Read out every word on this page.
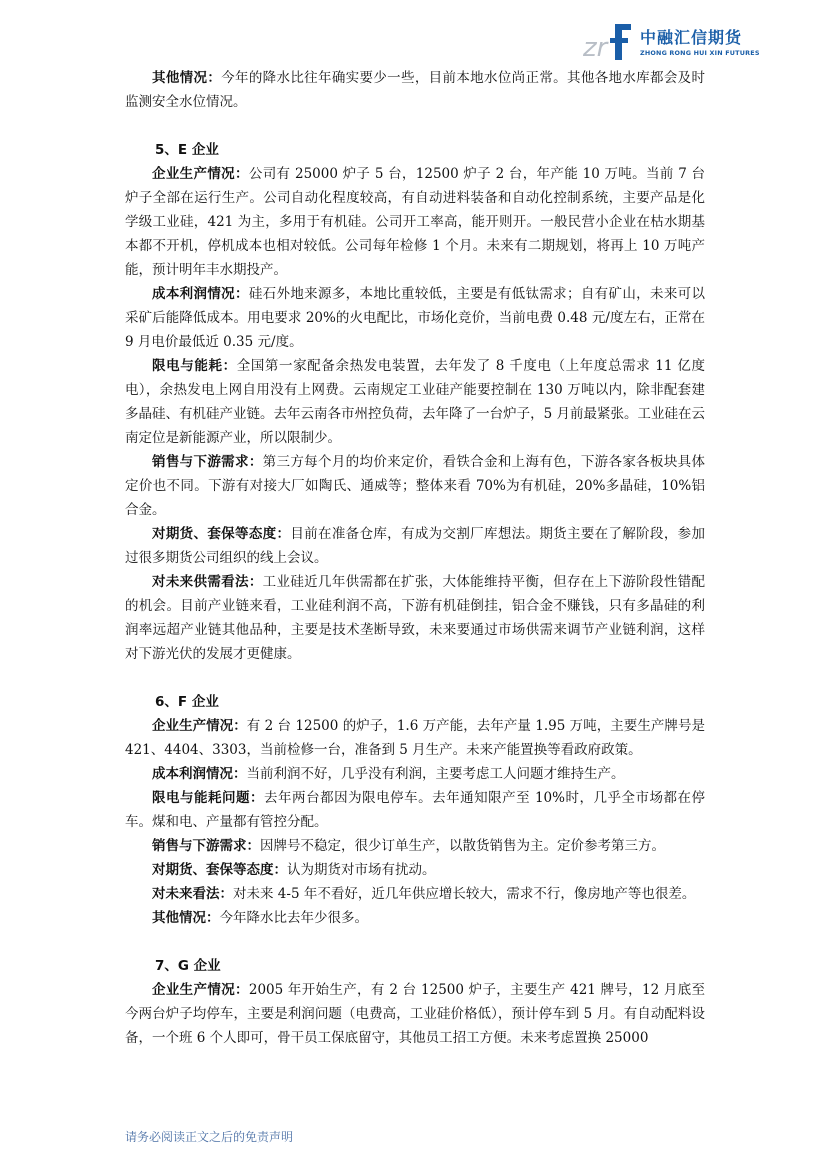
zr 中融汇信期货
ZHONG RONG HUI XIN FUTURES

其他情况：今年的降水比往年确实要少一些，目前本地水位尚正常。其他各地水库都会及时监测安全水位情况。

5、E 企业

企业生产情况：公司有 25000 炉子 5 台，12500 炉子 2 台，年产能 10 万吨。当前 7 台炉子全部在运行生产。公司自动化程度较高，有自动进料装备和自动化控制系统，主要产品是化学级工业硅，421 为主，多用于有机硅。公司开工率高，能开则开。一般民营小企业在枯水期基本都不开机，停机成本也相对较低。公司每年检修 1 个月。未来有二期规划，将再上 10 万吨产能，预计明年丰水期投产。

成本利润情况：硅石外地来源多，本地比重较低，主要是有低钛需求；自有矿山，未来可以采矿后能降低成本。用电要求 20%的火电配比，市场化竞价，当前电费 0.48 元/度左右，正常在 9 月电价最低近 0.35 元/度。

限电与能耗：全国第一家配备余热发电装置，去年发了 8 千度电（上年度总需求 11 亿度电），余热发电上网自用没有上网费。云南规定工业硅产能要控制在 130 万吨以内，除非配套建多晶硅、有机硅产业链。去年云南各市州控负荷，去年降了一台炉子，5 月前最紧张。工业硅在云南定位是新能源产业，所以限制少。

销售与下游需求：第三方每个月的均价来定价，看铁合金和上海有色，下游各家各板块具体定价也不同。下游有对接大厂如陶氏、通威等；整体来看 70%为有机硅，20%多晶硅，10%铝合金。

对期货、套保等态度：目前在准备仓库，有成为交割厂库想法。期货主要在了解阶段，参加过很多期货公司组织的线上会议。

对未来供需看法：工业硅近几年供需都在扩张，大体能维持平衡，但存在上下游阶段性错配的机会。目前产业链来看，工业硅利润不高，下游有机硅倒挂，铝合金不赚钱，只有多晶硅的利润率远超产业链其他品种，主要是技术垄断导致，未来要通过市场供需来调节产业链利润，这样对下游光伏的发展才更健康。

6、F 企业

企业生产情况：有 2 台 12500 的炉子，1.6 万产能，去年产量 1.95 万吨，主要生产牌号是 421、4404、3303，当前检修一台，准备到 5 月生产。未来产能置换等看政府政策。

成本利润情况：当前利润不好，几乎没有利润，主要考虑工人问题才维持生产。

限电与能耗问题：去年两台都因为限电停车。去年通知限产至 10%时，几乎全市场都在停车。煤和电、产量都有管控分配。

销售与下游需求：因牌号不稳定，很少订单生产，以散货销售为主。定价参考第三方。

对期货、套保等态度：认为期货对市场有扰动。

对未来看法：对未来 4-5 年不看好，近几年供应增长较大，需求不行，像房地产等也很差。

其他情况：今年降水比去年少很多。

7、G 企业

企业生产情况：2005 年开始生产，有 2 台 12500 炉子，主要生产 421 牌号，12 月底至今两台炉子均停车，主要是利润问题（电费高，工业硅价格低），预计停车到 5 月。有自动配料设备，一个班 6 个人即可，骨干员工保底留守，其他员工招工方便。未来考虑置换 25000

请务必阅读正文之后的免责声明
